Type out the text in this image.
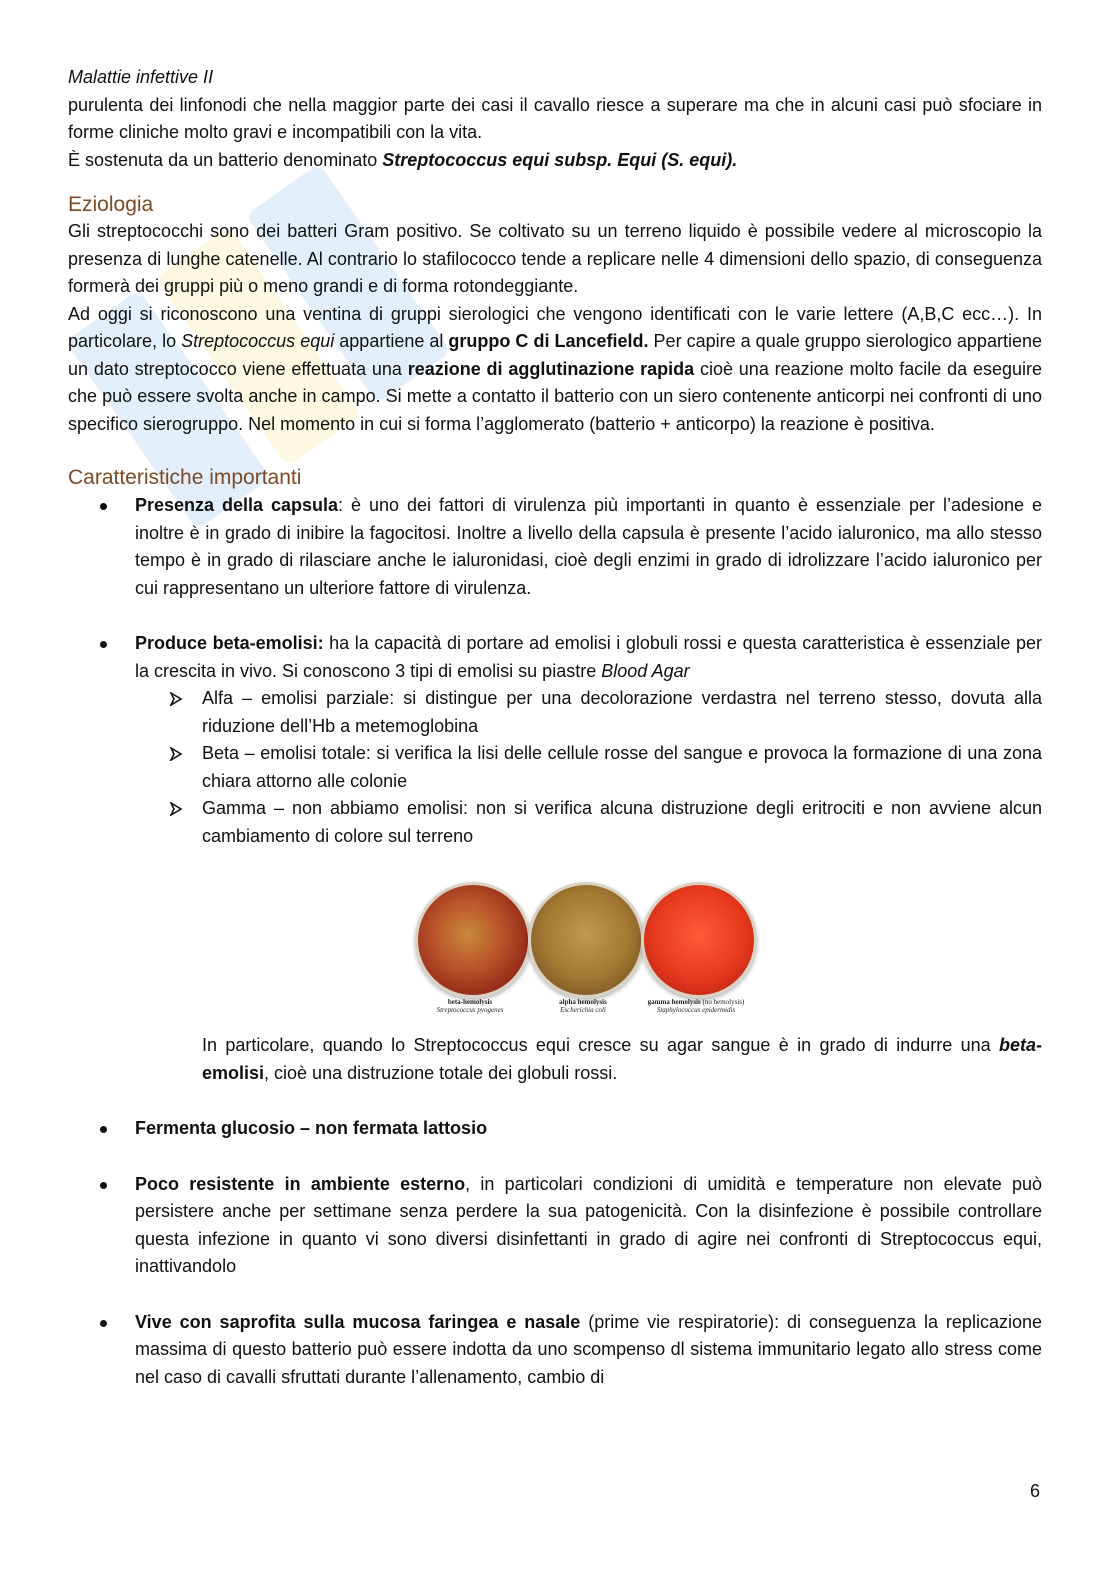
Malattie infettive II

purulenta dei linfonodi che nella maggior parte dei casi il cavallo riesce a superare ma che in alcuni casi può sfociare in forme cliniche molto gravi e incompatibili con la vita.
È sostenuta da un batterio denominato Streptococcus equi subsp. Equi (S. equi).

Eziologia

Gli streptococchi sono dei batteri Gram positivo. Se coltivato su un terreno liquido è possibile vedere al microscopio la presenza di lunghe catenelle. Al contrario lo stafilococco tende a replicare nelle 4 dimensioni dello spazio, di conseguenza formerà dei gruppi più o meno grandi e di forma rotondeggiante.

Ad oggi si riconoscono una ventina di gruppi sierologici che vengono identificati con le varie lettere (A,B,C ecc…). In particolare, lo Streptococcus equi appartiene al gruppo C di Lancefield. Per capire a quale gruppo sierologico appartiene un dato streptococco viene effettuata una reazione di agglutinazione rapida cioè una reazione molto facile da eseguire che può essere svolta anche in campo. Si mette a contatto il batterio con un siero contenente anticorpi nei confronti di uno specifico sierogruppo. Nel momento in cui si forma l’agglomerato (batterio + anticorpo) la reazione è positiva.

Caratteristiche importanti
Presenza della capsula: è uno dei fattori di virulenza più importanti in quanto è essenziale per l’adesione e inoltre è in grado di inibire la fagocitosi. Inoltre a livello della capsula è presente l’acido ialuronico, ma allo stesso tempo è in grado di rilasciare anche le ialuronidasi, cioè degli enzimi in grado di idrolizzare l’acido ialuronico per cui rappresentano un ulteriore fattore di virulenza.
Produce beta-emolisi: ha la capacità di portare ad emolisi i globuli rossi e questa caratteristica è essenziale per la crescita in vivo. Si conoscono 3 tipi di emolisi su piastre Blood Agar
Alfa – emolisi parziale: si distingue per una decolorazione verdastra nel terreno stesso, dovuta alla riduzione dell’Hb a metemoglobina
Beta – emolisi totale: si verifica la lisi delle cellule rosse del sangue e provoca la formazione di una zona chiara attorno alle colonie
Gamma – non abbiamo emolisi: non si verifica alcuna distruzione degli eritrociti e non avviene alcun cambiamento di colore sul terreno
beta-hemolysis
Streptococcus pyogenes
alpha hemolysis
Escherichia coli
gamma hemolysis (no hemolysis)
Staphylococcus epidermidis

In particolare, quando lo Streptococcus equi cresce su agar sangue è in grado di indurre una beta-emolisi, cioè una distruzione totale dei globuli rossi.

Fermenta glucosio – non fermata lattosio
Poco resistente in ambiente esterno, in particolari condizioni di umidità e temperature non elevate può persistere anche per settimane senza perdere la sua patogenicità. Con la disinfezione è possibile controllare questa infezione in quanto vi sono diversi disinfettanti in grado di agire nei confronti di Streptococcus equi, inattivandolo
Vive con saprofita sulla mucosa faringea e nasale (prime vie respiratorie): di conseguenza la replicazione massima di questo batterio può essere indotta da uno scompenso dl sistema immunitario legato allo stress come nel caso di cavalli sfruttati durante l’allenamento, cambio di
6
